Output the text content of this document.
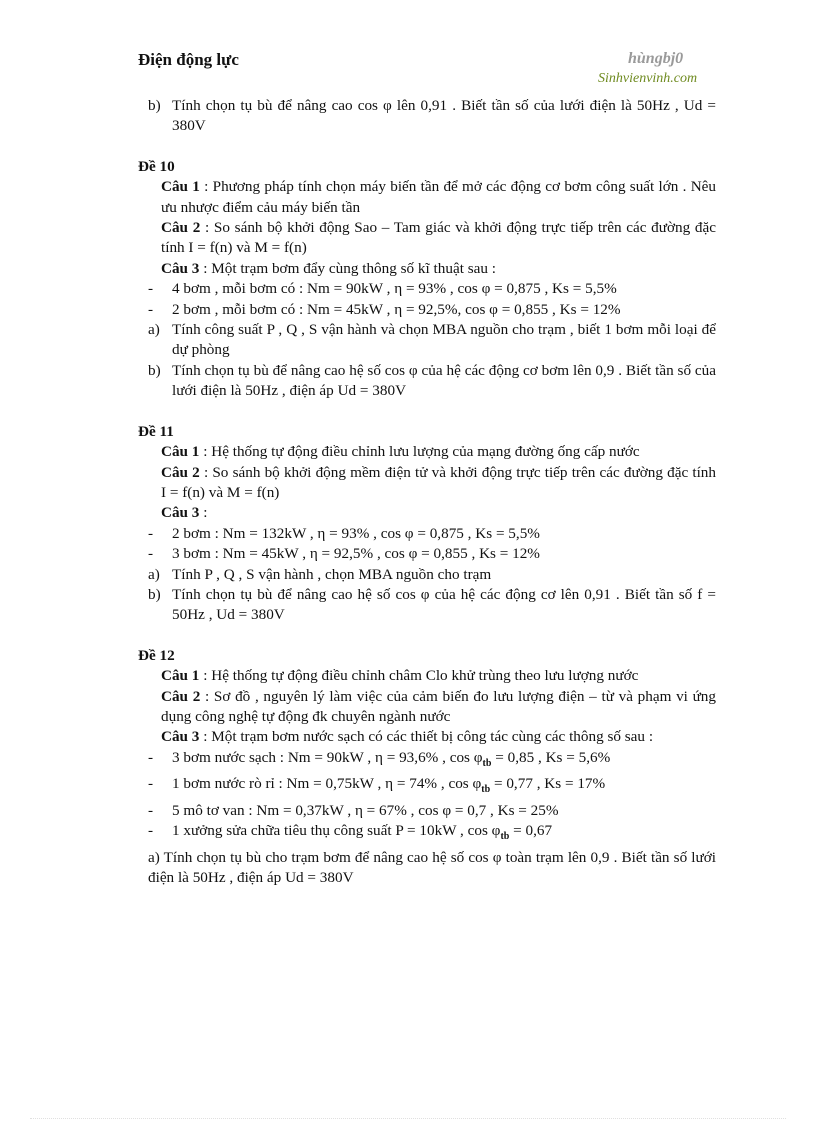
Điện động lực	hùngbj0
Sinhvienvinh.com
b) Tính chọn tụ bù để nâng cao cos φ lên 0,91 . Biết tần số của lưới điện là 50Hz , Ud = 380V
Đề 10
Câu 1 : Phương pháp tính chọn máy biến tần để mở các động cơ bơm công suất lớn . Nêu ưu nhược điểm cảu máy biến tần
Câu 2 : So sánh bộ khởi động Sao – Tam giác và khởi động trực tiếp trên các đường đặc tính I = f(n) và M = f(n)
Câu 3 : Một trạm bơm đẩy cùng thông số kĩ thuật sau :
- 4 bơm , mỗi bơm có : Nm = 90kW , η = 93% , cos φ = 0,875 , Ks = 5,5%
- 2 bơm , mỗi bơm có : Nm = 45kW , η = 92,5%, cos φ = 0,855 , Ks = 12%
a) Tính công suất P , Q , S vận hành và chọn MBA nguồn cho trạm , biết 1 bơm mỗi loại để dự phòng
b) Tính chọn tụ bù để nâng cao hệ số cos φ của hệ các động cơ bơm lên 0,9 . Biết tần số của lưới điện là 50Hz , điện áp Ud = 380V
Đề 11
Câu 1 : Hệ thống tự động điều chỉnh lưu lượng của mạng đường ống cấp nước
Câu 2 : So sánh bộ khởi động mềm điện tử và khởi động trực tiếp trên các đường đặc tính I = f(n) và M = f(n)
Câu 3 :
- 2 bơm : Nm = 132kW , η = 93% , cos φ = 0,875 , Ks = 5,5%
- 3 bơm : Nm = 45kW , η = 92,5% , cos φ = 0,855 , Ks = 12%
a) Tính P , Q , S vận hành , chọn MBA nguồn cho trạm
b) Tính chọn tụ bù để nâng cao hệ số cos φ của hệ các động cơ lên 0,91 . Biết tần số f = 50Hz , Ud = 380V
Đề 12
Câu 1 : Hệ thống tự động điều chỉnh châm Clo khử trùng theo lưu lượng nước
Câu 2 : Sơ đồ , nguyên lý làm việc của cảm biến đo lưu lượng điện – từ và phạm vi ứng dụng công nghệ tự động đk chuyên ngành nước
Câu 3 : Một trạm bơm nước sạch có các thiết bị công tác cùng các thông số sau :
- 3 bơm nước sạch : Nm = 90kW , η = 93,6% , $\cos \varphi_{tb} = 0,85$ , Ks = 5,6%
- 1 bơm nước rò rỉ : Nm = 0,75kW , η = 74% , $\cos \varphi_{tb} = 0,77$ , Ks = 17%
- 5 mô tơ van : Nm = 0,37kW , η = 67% , cos φ = 0,7 , Ks = 25%
- 1 xưởng sửa chữa tiêu thụ công suất P = 10kW , $\cos \varphi_{tb} = 0,67$
a) Tính chọn tụ bù cho trạm bơm để nâng cao hệ số cos φ toàn trạm lên 0,9 . Biết tần số lưới điện là 50Hz , điện áp Ud = 380V
